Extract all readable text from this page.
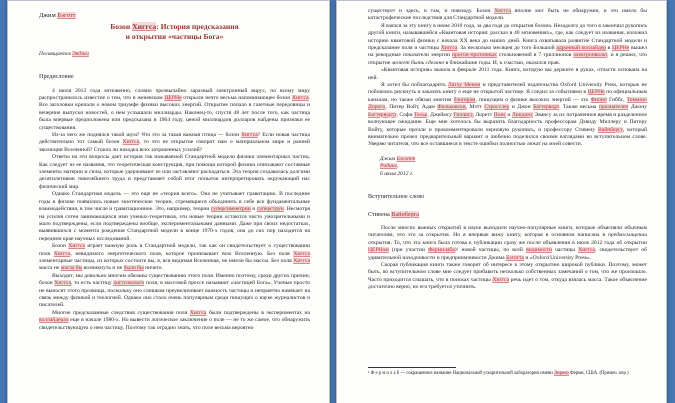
Джим Бэготт
Бозон Хиггса: История предсказания
и открытия «частицы Бога»
Посвящается Энджи
Предисловие

4 июля 2012 года мгновенно, словно чрезвычайно заразный электронный вирус, по всему миру распространилось известие о том, что в женевском ЦЕРНе открыли нечто весьма напоминающее бозон Хиггса. Все заголовки кричали о новом триумфе физики высоких энергий. Открытие попало в газетные передовицы и вечерние выпуски новостей, о нем услышали миллиарды. Наконец-то, спустя 48 лет после того, как частица была впервые предположена или предсказана в 1964 году, ценой миллиардов долларов найдены признаки ее существования.

Из-за чего же поднялся такой шум? Что это за такая важная птица — бозон Хиггса? Если новая частица действительно тот самый бозон Хиггса, то что ее открытие говорит нам о материальном мире и ранней эволюции Вселенной? Стоила ли находка всех затраченных усилий?

Ответы на эти вопросы дает история так называемой Стандартной модели физики элементарных частиц. Как следует из ее названия, это теоретическая конструкция, при помощи которой физики описывают составные элементы материи и силы, которые удерживают ее или заставляют распадаться. Эта теория создавалась долгими десятилетиями тяжелейшего труда и представляет собой итог попыток интерпретировать окружающий нас физический мир.

Однако Стандартная модель — это еще не «теория всего». Она не учитывает гравитацию. В последние годы в физике появились новые экзотические теории, стремящиеся объединить в себе все фундаментальные взаимодействия, в том числе и гравитационное. Это, например, теории суперсимметрии и суперструн. Несмотря на усилия сотен занимающихся ими ученых-теоретиков, эти новые теории остаются чисто умозрительными и мало подтверждены, если подтверждены вообще, экспериментальными данными. Даже при своих недостатках, выявившихся с момента рождения Стандартной модели в конце 1970-х годов, она до сих пор находится на переднем крае научных исследований.

Бозон Хиггса играет важную роль в Стандартной модели, так как он свидетельствует о существовании поля Хиггса, невидимого энергетического поля, которое пронизывает всю Вселенную. Без поля Хиггса элементарные частицы, из которых состоите вы, я, вся видимая Вселенная, не имели бы массы. Без поля Хиггса масса не могла бы возникнуть и не было бы ничего.

Выходит, мы довольно многим обязаны существованию этого поля. Именно поэтому, среди других причин, бозон Хиггса, то есть частицу хиггсовского поля, в массовой прессе называют «частицей Бога». Ученые просто не выносят этого прозвища, поскольку оно слишком преувеличивает важность частицы и неприятно намекает на связь между физикой и теологией. Однако оно стало очень популярным среди пишущих о науке журналистов и писателей.

Многие предсказанные следствия существования поля Хиггса были подтверждены в экспериментах на коллайдерах еще в начале 1980-х. Но вывести логическое заключение о поле — не то же самое, что обнаружить свидетельствующую о нем частицу. Поэтому так отрадно знать, что поле весьма вероятно

существует и здесь, и там, и повсюду. Бозон Хиггса вполне мог быть не обнаружен, и это имело бы катастрофические последствия для Стандартной модели.

Я взялся за эту книгу в июне 2010 года, за два года до открытия бозона. Незадолго до того я закончил рукопись другой книги, называвшейся «Квантовая история: рассказ в 40 мгновениях», где, как следует из названия, изложил историю квантовой физики с начала XX века до наших дней. Книга охватывала развитие Стандартной модели и предсказание поля и частицы Хиггса. За несколько месяцев до того Большой адронный коллайдер в ЦЕРНе вышел на рекордные показатели энергии протон-протонных столкновений в 7 триллионов электронвольт, и я решил, что открытие может быть сделано в ближайшие годы. И, к счастью, оказался прав.

«Квантовая история» вышла в феврале 2011 года. Книга, которую вы держите в руках, отчасти основана на ней.

Я хотел бы поблагодарить Латху Менон и представителей издательства Oxford University Press, которые не побоялись рискнуть и заказать книгу о еще не открытой частице. Я следил за событиями в ЦЕРНе по официальным каналам, но также обязан многим блогерам, пишущим о физике высоких энергий — это Филип Гиббс, Томмазо Дориго, Питер Войт, Адам Фальковски, Мэтт Стросслер и Джон Баттерворт. Также весьма признателен Джону Баттерворту, Софи Тесье, Джеймсу Гиллису, Лоретт Понс и Линдону Эвансу за их потраченное время и разделенное волнующее ожидание. Еще мне хотелось бы выразить благодарность профессорам Дэвиду Миллеру и Питеру Войту, которые прочли и прокомментировали черновую рукопись, и профессору Стивену Вайнбергу, который внимательно прочел предварительный вариант и любезно поделился своими взглядами во вступительном слове. Уверяю читателя, что все оставшиеся в тексте ошибки полностью лежат на моей совести.

Джим Бэготт
Ридинг,
6 июля 2012 г.
Вступительное слово
Стивена Вайнберга

После многих важных открытий в науке выходили научно-популярные книги, которые объясняли обычным читателям, что это за открытия. Но я впервые вижу книгу, которая в основном написана в предвосхищении открытия. То, что эта книга была готова к публикации сразу же после объявления в июле 2012 года об открытии ЦЕРНом (при участии Фермилаба)¹ новой частицы, по всей видимости частицы Хиггса, свидетельствует об удивительной находчивости и предприимчивости Джима Бэготта и «Oxford University Press».

Скорая публикация книги также говорит об интересе к этому открытию широкой публики. Поэтому, может быть, во вступительном слове мне следует прибавить несколько собственных замечаний о том, что же произошло. Часто приходится слышать, что в поисках частицы Хиггса речь идет о том, откуда взялась масса. Такое объяснение достаточно верно, но его требуется уточнить.

¹ Ф е р м и л а б — сокращенное название Национальной ускорительной лаборатории имени Энрико Ферми, США. (Примеч. пер.)
